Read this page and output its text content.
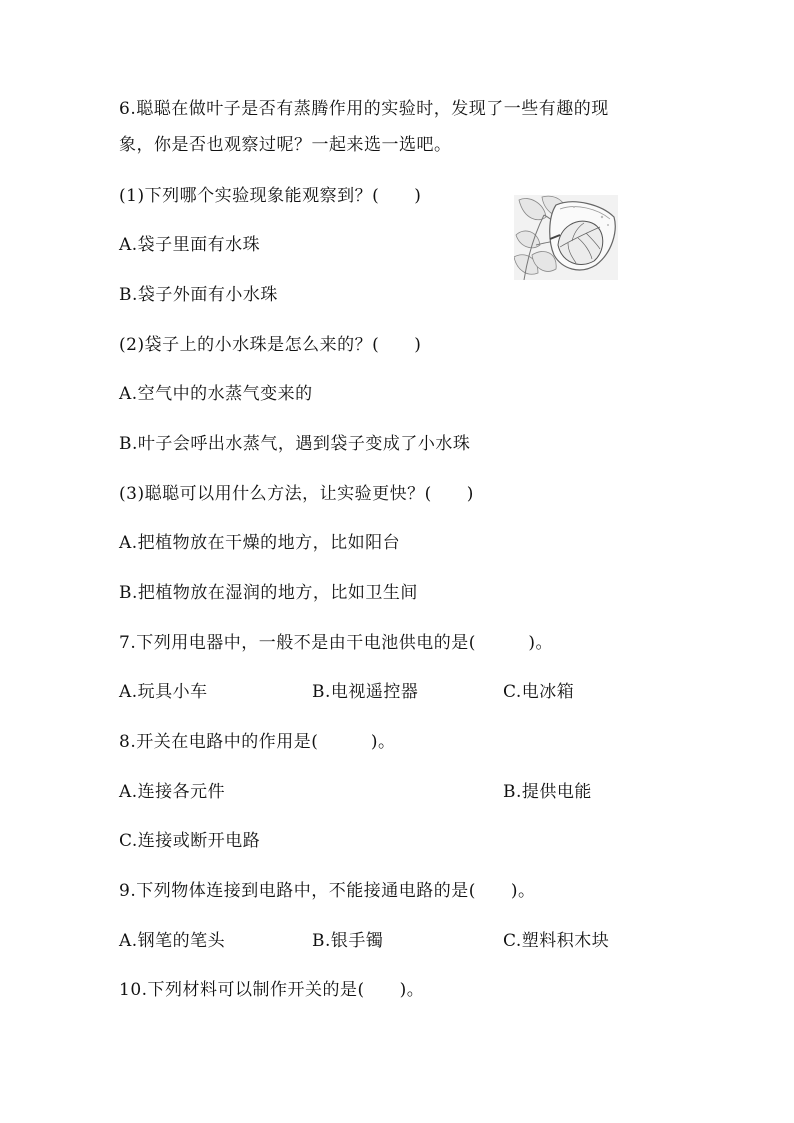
6.聪聪在做叶子是否有蒸腾作用的实验时，发现了一些有趣的现
象，你是否也观察过呢？一起来选一选吧。
(1)下列哪个实验现象能观察到？(　　)
A.袋子里面有水珠
B.袋子外面有小水珠
(2)袋子上的小水珠是怎么来的？(　　)
A.空气中的水蒸气变来的
B.叶子会呼出水蒸气，遇到袋子变成了小水珠
(3)聪聪可以用什么方法，让实验更快？(　　)
A.把植物放在干燥的地方，比如阳台
B.把植物放在湿润的地方，比如卫生间
7.下列用电器中，一般不是由干电池供电的是(　　　)。
A.玩具小车	B.电视遥控器	C.电冰箱
8.开关在电路中的作用是(　　　)。
A.连接各元件	B.提供电能
C.连接或断开电路
9.下列物体连接到电路中，不能接通电路的是(　　)。
A.钢笔的笔头	B.银手镯	C.塑料积木块
10.下列材料可以制作开关的是(　　)。
